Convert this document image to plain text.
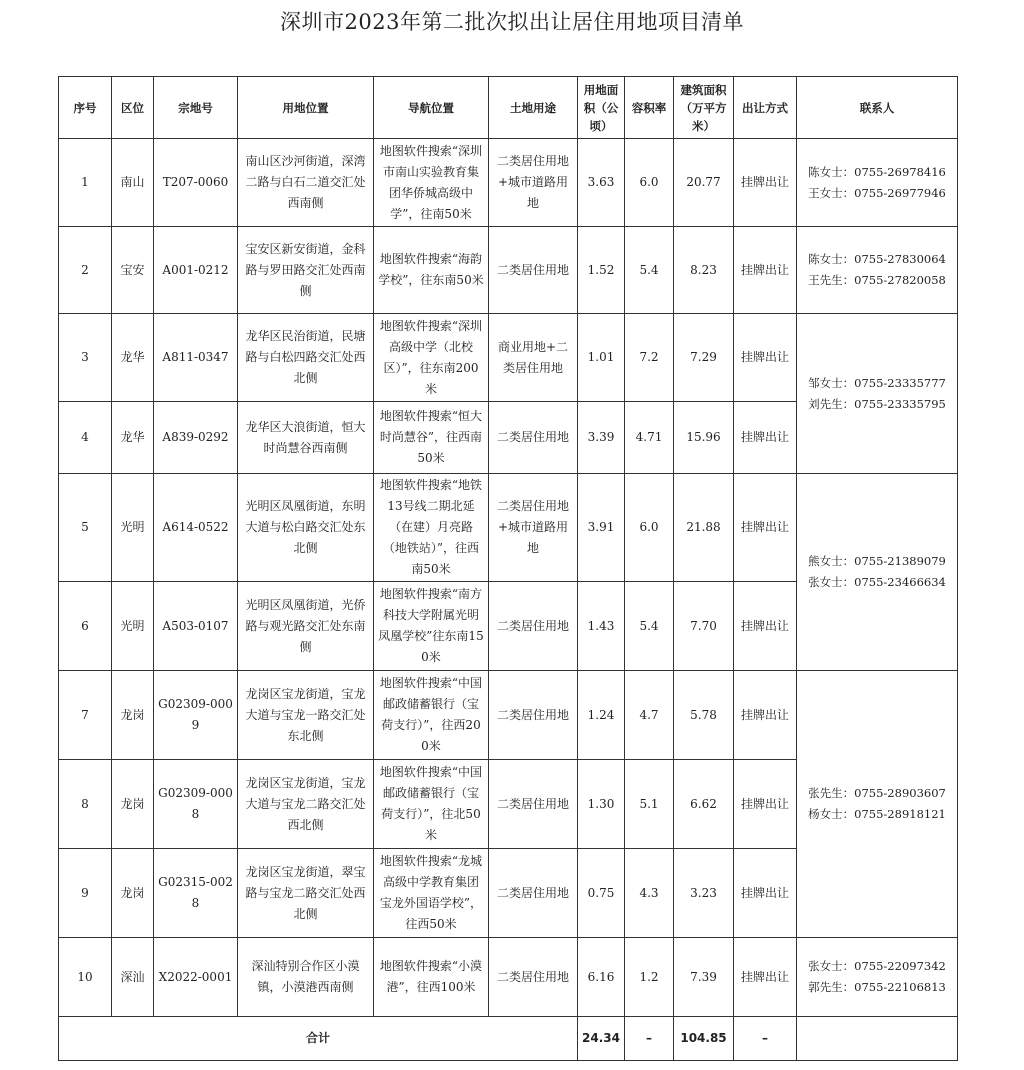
深圳市2023年第二批次拟出让居住用地项目清单
序号	区位	宗地号	用地位置	导航位置	土地用途	用地面积（公顷）	容积率	建筑面积（万平方米）	出让方式	联系人
1	南山	T207-0060	南山区沙河街道，深湾二路与白石二道交汇处西南侧	地图软件搜索“深圳市南山实验教育集团华侨城高级中学”，往南50米	二类居住用地+城市道路用地	3.63	6.0	20.77	挂牌出让	陈女士：0755-26978416
王女士：0755-26977946

2	宝安	A001-0212	宝安区新安街道，金科路与罗田路交汇处西南侧	地图软件搜索“海韵学校”，往东南50米	二类居住用地	1.52	5.4	8.23	挂牌出让	陈女士：0755-27830064
王先生：0755-27820058

3	龙华	A811-0347	龙华区民治街道，民塘路与白松四路交汇处西北侧	地图软件搜索“深圳高级中学（北校区）”，往东南200米	商业用地+二类居住用地	1.01	7.2	7.29	挂牌出让	邹女士：0755-23335777
刘先生：0755-23335795

4	龙华	A839-0292	龙华区大浪街道，恒大时尚慧谷西南侧	地图软件搜索“恒大时尚慧谷”，往西南50米	二类居住用地	3.39	4.71	15.96	挂牌出让	
5	光明	A614-0522	光明区凤凰街道，东明大道与松白路交汇处东北侧	地图软件搜索“地铁13号线二期北延（在建）月亮路（地铁站）”，往西南50米	二类居住用地+城市道路用地	3.91	6.0	21.88	挂牌出让	熊女士：0755-21389079
张女士：0755-23466634

6	光明	A503-0107	光明区凤凰街道，光侨路与观光路交汇处东南侧	地图软件搜索“南方科技大学附属光明凤凰学校”往东南150米	二类居住用地	1.43	5.4	7.70	挂牌出让	
7	龙岗	G02309-0009	龙岗区宝龙街道，宝龙大道与宝龙一路交汇处东北侧	地图软件搜索“中国邮政储蓄银行（宝荷支行）”，往西200米	二类居住用地	1.24	4.7	5.78	挂牌出让	张先生：0755-28903607
杨女士：0755-28918121

8	龙岗	G02309-0008	龙岗区宝龙街道，宝龙大道与宝龙二路交汇处西北侧	地图软件搜索“中国邮政储蓄银行（宝荷支行）”，往北50米	二类居住用地	1.30	5.1	6.62	挂牌出让	
9	龙岗	G02315-0028	龙岗区宝龙街道，翠宝路与宝龙二路交汇处西北侧	地图软件搜索“龙城高级中学教育集团宝龙外国语学校”，往西50米	二类居住用地	0.75	4.3	3.23	挂牌出让	
10	深汕	X2022-0001	深汕特别合作区小漠镇，小漠港西南侧	地图软件搜索“小漠港”，往西100米	二类居住用地	6.16	1.2	7.39	挂牌出让	张女士：0755-22097342
郭先生：0755-22106813

合计						24.34	–	104.85	–	
